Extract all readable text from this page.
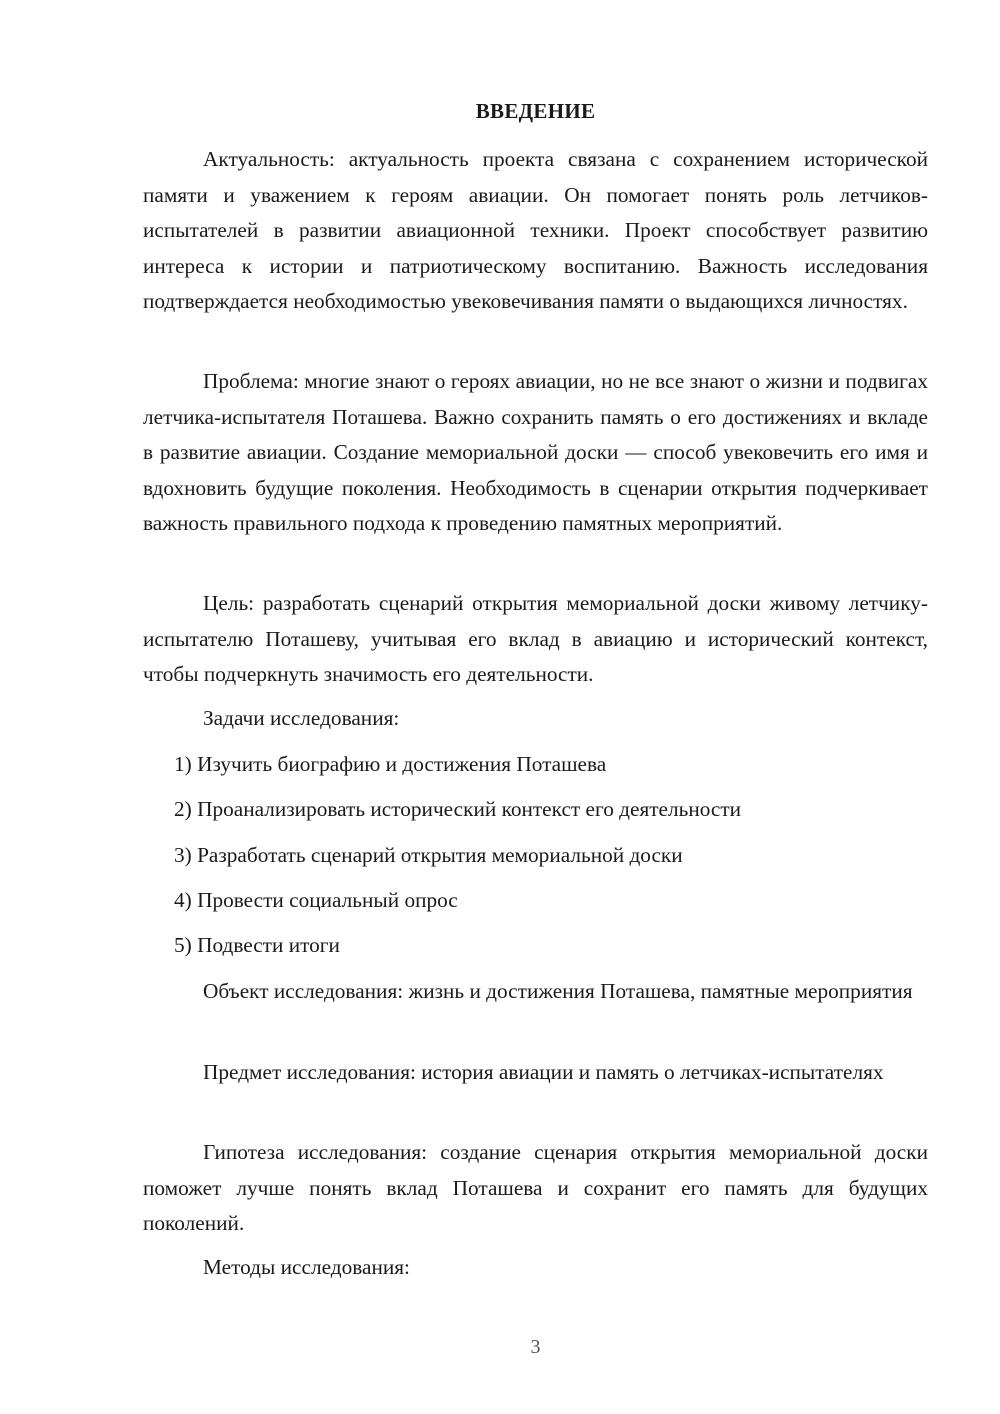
ВВЕДЕНИЕ

Актуальность: актуальность проекта связана с сохранением исторической памяти и уважением к героям авиации. Он помогает понять роль летчиков-испытателей в развитии авиационной техники. Проект способствует развитию интереса к истории и патриотическому воспитанию. Важность исследования подтверждается необходимостью увековечивания памяти о выдающихся личностях.

Проблема: многие знают о героях авиации, но не все знают о жизни и подвигах летчика-испытателя Поташева. Важно сохранить память о его достижениях и вкладе в развитие авиации. Создание мемориальной доски — способ увековечить его имя и вдохновить будущие поколения. Необходимость в сценарии открытия подчеркивает важность правильного подхода к проведению памятных мероприятий.

Цель: разработать сценарий открытия мемориальной доски живому летчику-испытателю Поташеву, учитывая его вклад в авиацию и исторический контекст, чтобы подчеркнуть значимость его деятельности.

Задачи исследования:

1) Изучить биографию и достижения Поташева

2) Проанализировать исторический контекст его деятельности

3) Разработать сценарий открытия мемориальной доски

4) Провести социальный опрос

5) Подвести итоги

Объект исследования: жизнь и достижения Поташева, памятные мероприятия

Предмет исследования: история авиации и память о летчиках-испытателях

Гипотеза исследования: создание сценария открытия мемориальной доски поможет лучше понять вклад Поташева и сохранит его память для будущих поколений.

Методы исследования:

3
